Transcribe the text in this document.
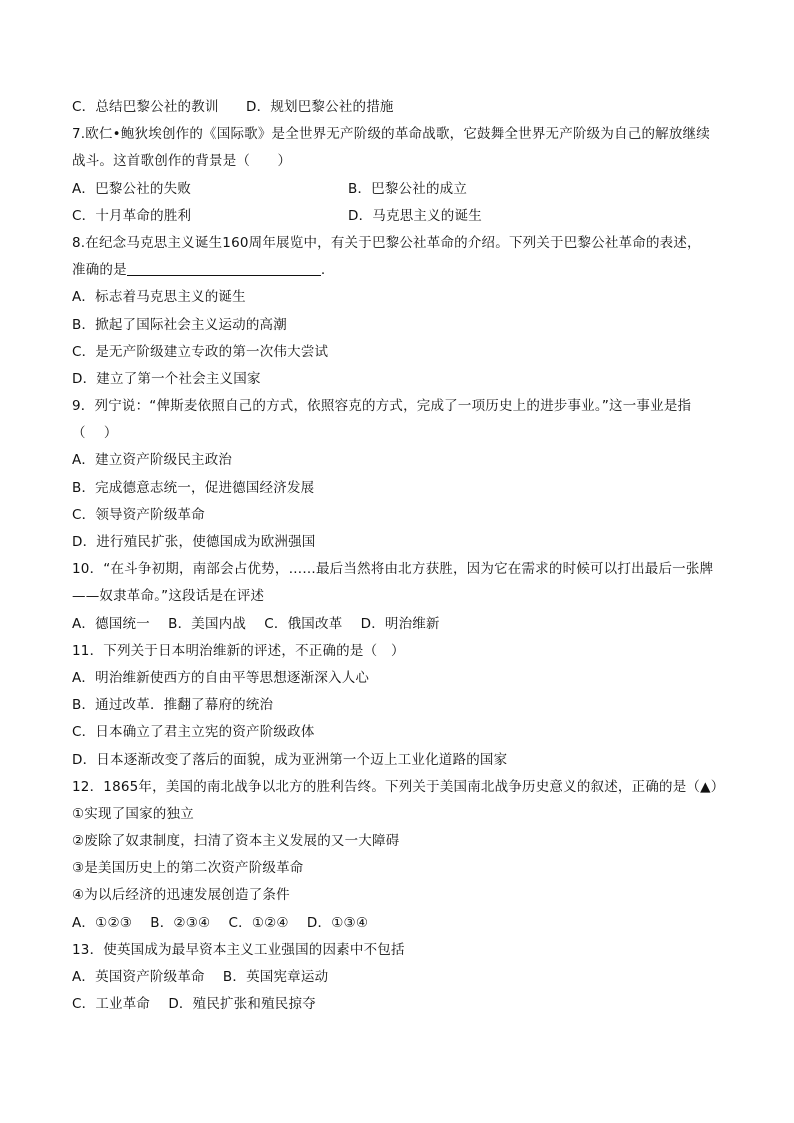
C．总结巴黎公社的教训　　D．规划巴黎公社的措施
7.欧仁•鲍狄埃创作的《国际歌》是全世界无产阶级的革命战歌，它鼓舞全世界无产阶级为自己的解放继续
战斗。这首歌创作的背景是（　　）
A．巴黎公社的失败	B．巴黎公社的成立
C．十月革命的胜利	D．马克思主义的诞生
8.在纪念马克思主义诞生160周年展览中，有关于巴黎公社革命的介绍。下列关于巴黎公社革命的表述，
准确的是	.
A．标志着马克思主义的诞生
B．掀起了国际社会主义运动的高潮
C．是无产阶级建立专政的第一次伟大尝试
D．建立了第一个社会主义国家
9．列宁说：“俾斯麦依照自己的方式，依照容克的方式，完成了一项历史上的进步事业。”这一事业是指
（　 ）
A．建立资产阶级民主政治
B．完成德意志统一，促进德国经济发展
C．领导资产阶级革命
D．进行殖民扩张，使德国成为欧洲强国
10．“在斗争初期，南部会占优势，……最后当然将由北方获胜，因为它在需求的时候可以打出最后一张牌
——奴隶革命。”这段话是在评述
A．德国统一　 B．美国内战　 C．俄国改革　 D．明治维新
11．下列关于日本明治维新的评述，不正确的是（　）
A．明治维新使西方的自由平等思想逐渐深入人心
B．通过改革．推翻了幕府的统治
C．日本确立了君主立宪的资产阶级政体
D．日本逐渐改变了落后的面貌，成为亚洲第一个迈上工业化道路的国家
12．1865年，美国的南北战争以北方的胜利告终。下列关于美国南北战争历史意义的叙述，正确的是（▲）
①实现了国家的独立
②废除了奴隶制度，扫清了资本主义发展的又一大障碍
③是美国历史上的第二次资产阶级革命
④为以后经济的迅速发展创造了条件
A．①②③　 B．②③④　 C．①②④　 D．①③④
13．使英国成为最早资本主义工业强国的因素中不包括
A．英国资产阶级革命　 B．英国宪章运动
C．工业革命　 D．殖民扩张和殖民掠夺
